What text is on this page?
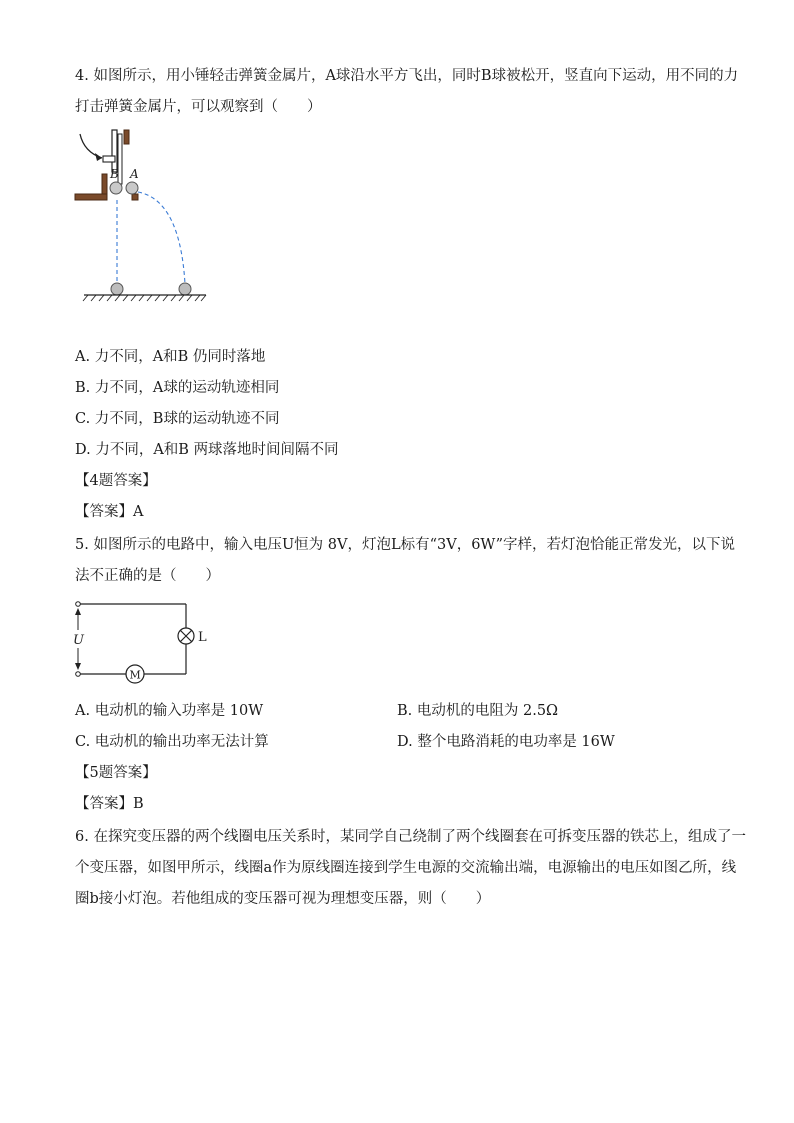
4. 如图所示，用小锤轻击弹簧金属片，A球沿水平方飞出，同时B球被松开，竖直向下运动，用不同的力
打击弹簧金属片，可以观察到（　　）
B A
A. 力不同，A和B 仍同时落地
B. 力不同，A球的运动轨迹相同
C. 力不同，B球的运动轨迹不同
D. 力不同，A和B 两球落地时间间隔不同
【4题答案】
【答案】A
5. 如图所示的电路中，输入电压U恒为 8V，灯泡L标有“3V，6W”字样，若灯泡恰能正常发光，以下说
法不正确的是（　　）
L
M
U
A. 电动机的输入功率是 10W	B. 电动机的电阻为 2.5Ω
C. 电动机的输出功率无法计算	D. 整个电路消耗的电功率是 16W
【5题答案】
【答案】B
6. 在探究变压器的两个线圈电压关系时，某同学自己绕制了两个线圈套在可拆变压器的铁芯上，组成了一
个变压器，如图甲所示，线圈a作为原线圈连接到学生电源的交流输出端，电源输出的电压如图乙所，线
圈b接小灯泡。若他组成的变压器可视为理想变压器，则（　　）
